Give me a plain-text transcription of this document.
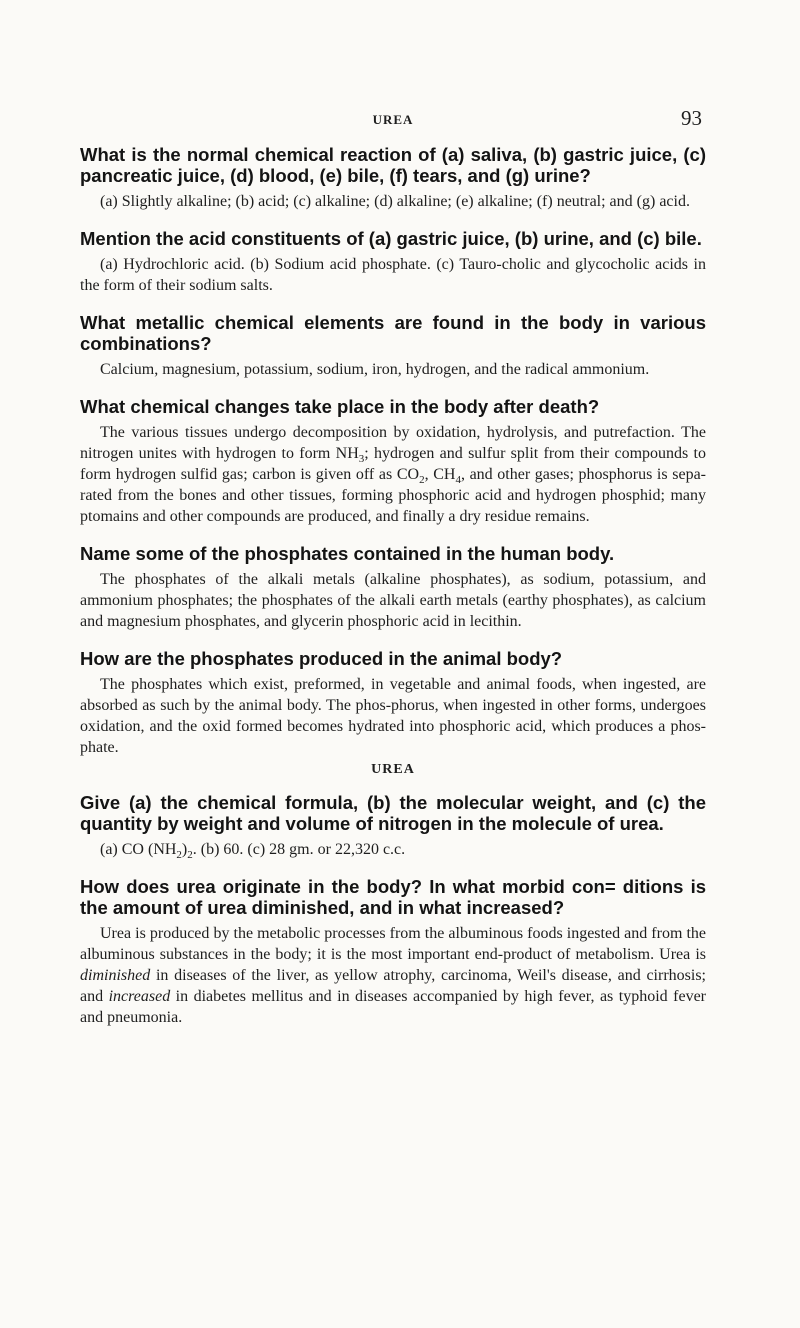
UREA	93

What is the normal chemical reaction of (a) saliva, (b) gastric juice, (c) pancreatic juice, (d) blood, (e) bile, (f) tears, and (g) urine?

(a) Slightly alkaline; (b) acid; (c) alkaline; (d) alkaline; (e) alkaline; (f) neutral; and (g) acid.

Mention the acid constituents of (a) gastric juice, (b) urine, and (c) bile.

(a) Hydrochloric acid. (b) Sodium acid phosphate. (c) Tauro-cholic and glycocholic acids in the form of their sodium salts.

What metallic chemical elements are found in the body in various combinations?

Calcium, magnesium, potassium, sodium, iron, hydrogen, and the radical ammonium.

What chemical changes take place in the body after death?

The various tissues undergo decomposition by oxidation, hydrolysis, and putrefaction. The nitrogen unites with hydrogen to form $NH_3$; hydrogen and sulfur split from their compounds to form hydrogen sulfid gas; carbon is given off as $CO_2$, $CH_4$, and other gases; phosphorus is sepa-rated from the bones and other tissues, forming phosphoric acid and hydrogen phosphid; many ptomains and other compounds are produced, and finally a dry residue remains.

Name some of the phosphates contained in the human body.

The phosphates of the alkali metals (alkaline phosphates), as sodium, potassium, and ammonium phosphates; the phosphates of the alkali earth metals (earthy phosphates), as calcium and magnesium phosphates, and glycerin phosphoric acid in lecithin.

How are the phosphates produced in the animal body?

The phosphates which exist, preformed, in vegetable and animal foods, when ingested, are absorbed as such by the animal body. The phos-phorus, when ingested in other forms, undergoes oxidation, and the oxid formed becomes hydrated into phosphoric acid, which produces a phos-phate.

UREA

Give (a) the chemical formula, (b) the molecular weight, and (c) the quantity by weight and volume of nitrogen in the molecule of urea.

(a) CO $(NH_2)_2$. (b) 60. (c) 28 gm. or 22,320 c.c.

How does urea originate in the body? In what morbid con= ditions is the amount of urea diminished, and in what increased?

Urea is produced by the metabolic processes from the albuminous foods ingested and from the albuminous substances in the body; it is the most important end-product of metabolism. Urea is diminished in diseases of the liver, as yellow atrophy, carcinoma, Weil's disease, and cirrhosis; and increased in diabetes mellitus and in diseases accompanied by high fever, as typhoid fever and pneumonia.
